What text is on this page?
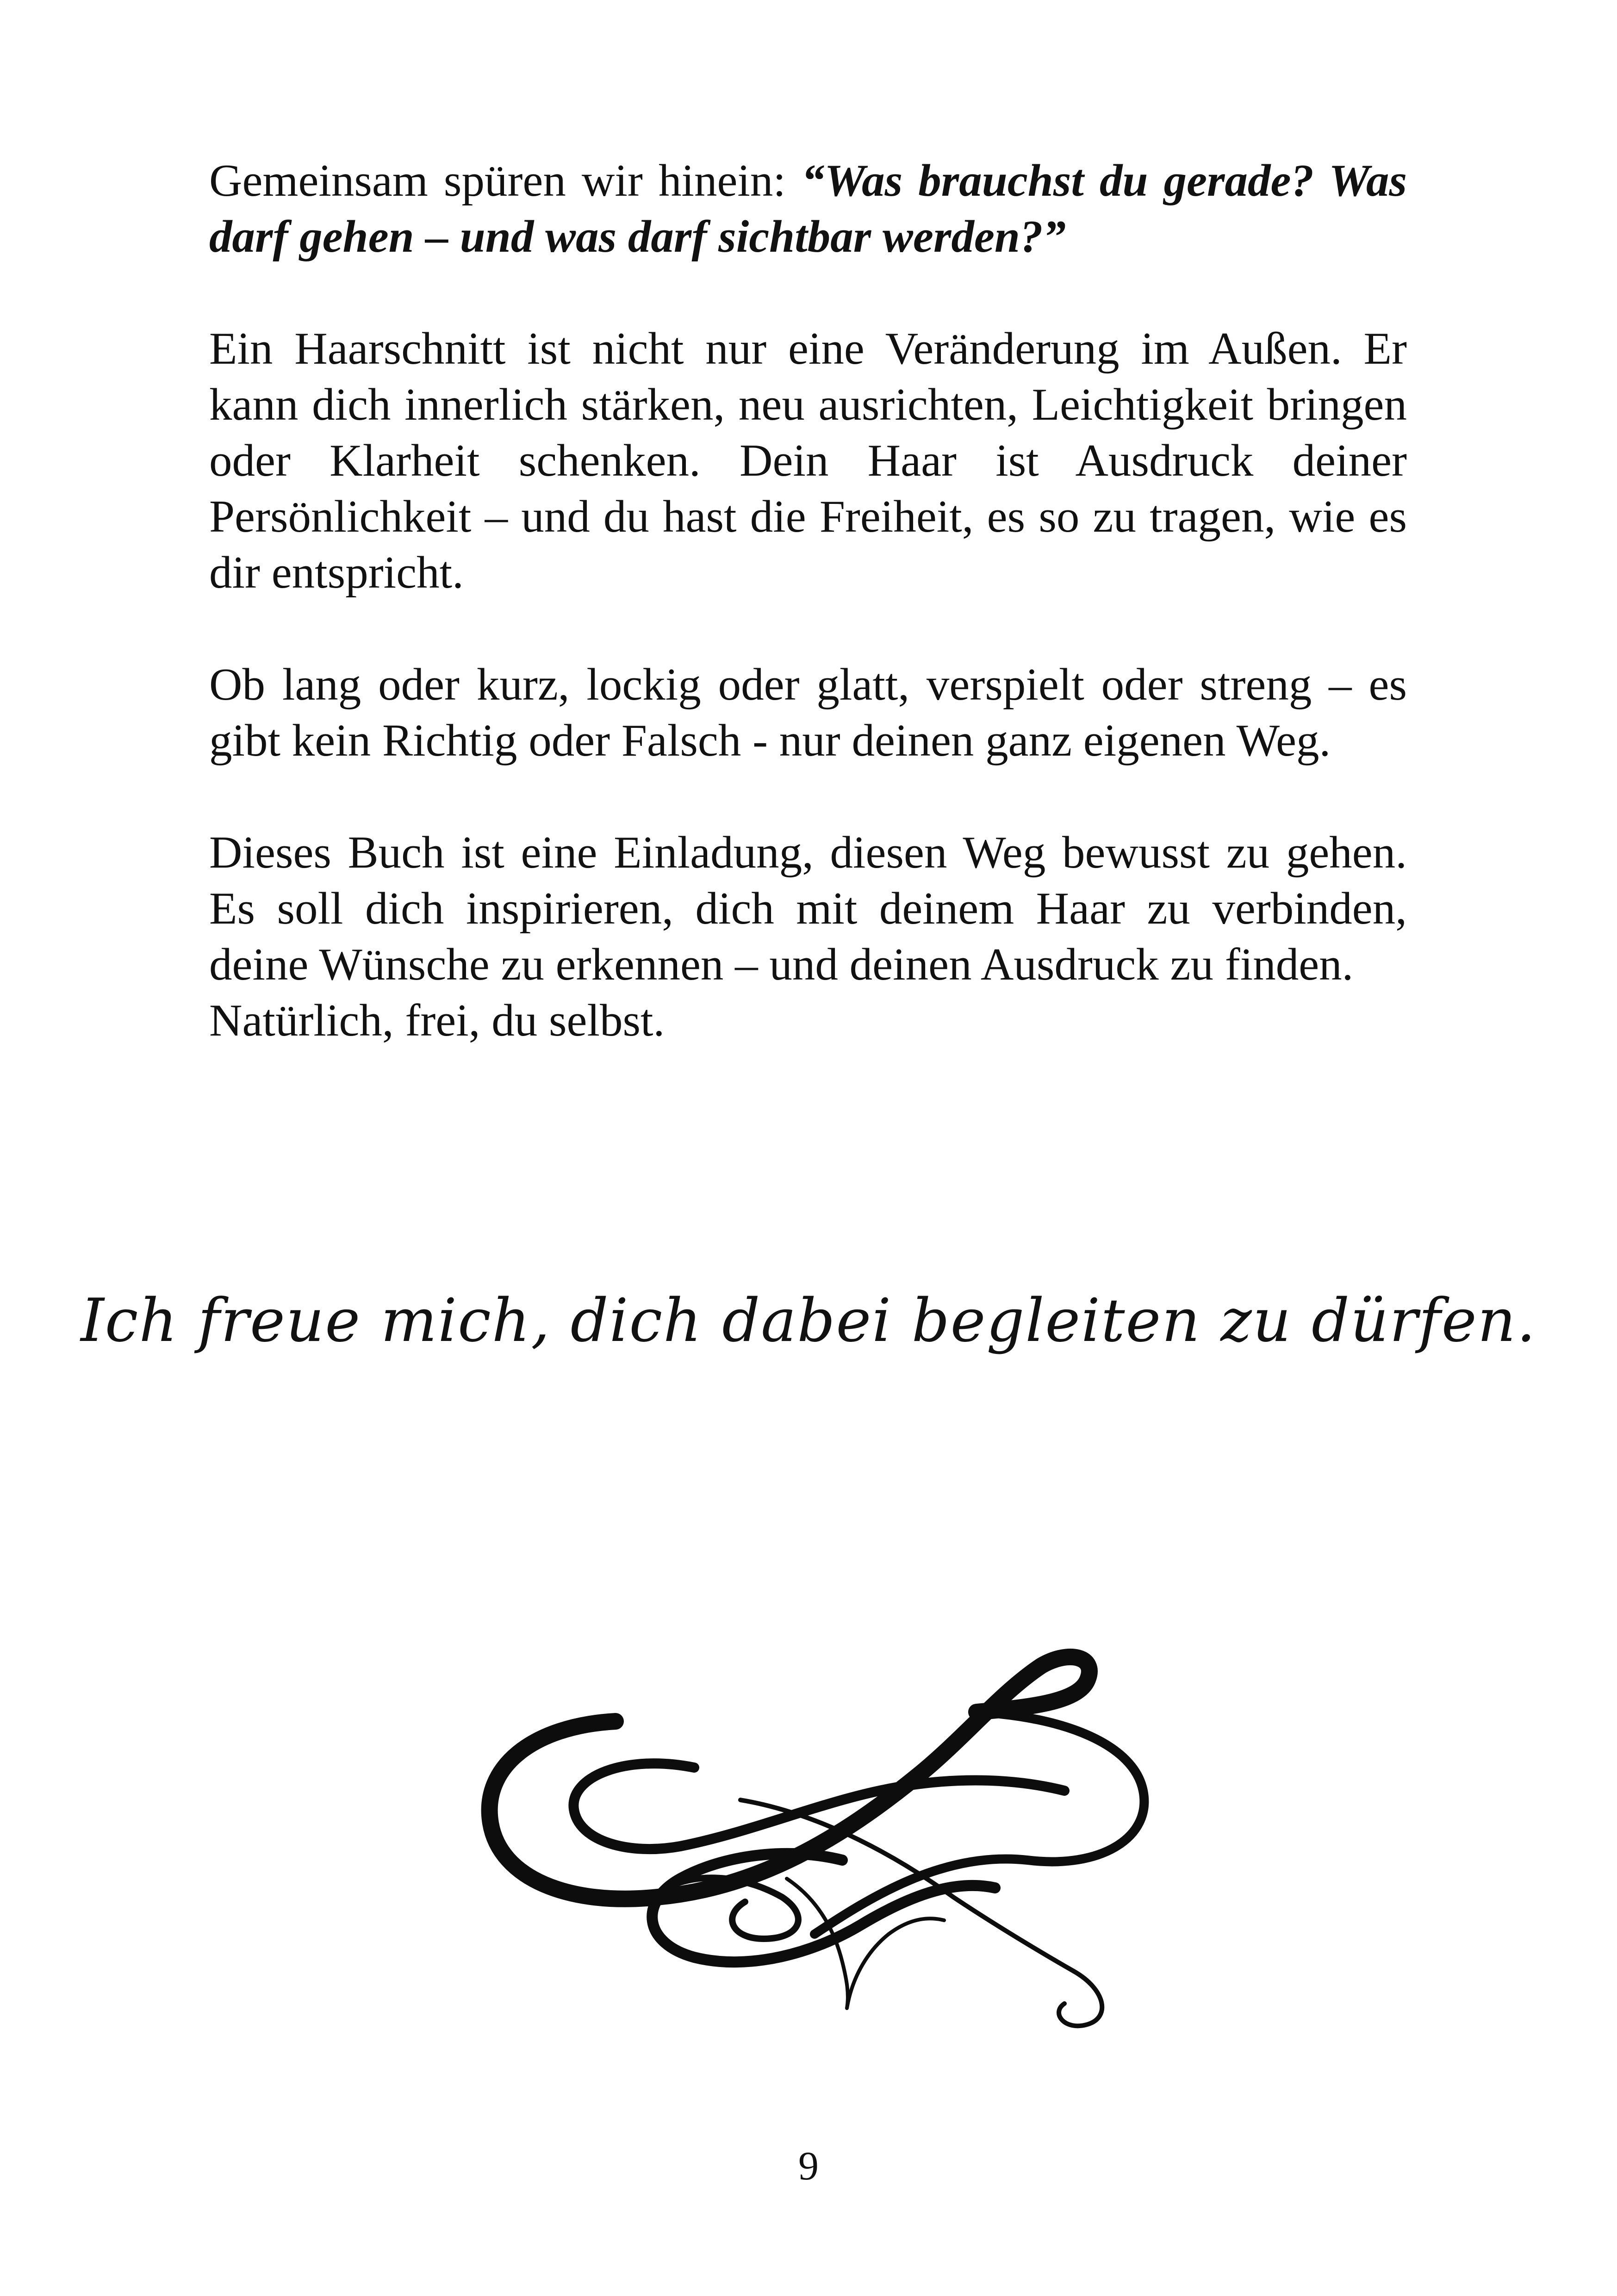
Gemeinsam spüren wir hinein: “Was brauchst du gerade? Was darf gehen – und was darf sichtbar werden?”

Ein Haarschnitt ist nicht nur eine Veränderung im Außen. Er kann dich innerlich stärken, neu ausrichten, Leichtigkeit bringen oder Klarheit schenken. Dein Haar ist Ausdruck deiner Persönlichkeit – und du hast die Freiheit, es so zu tragen, wie es dir entspricht.

Ob lang oder kurz, lockig oder glatt, verspielt oder streng – es gibt kein Richtig oder Falsch - nur deinen ganz eigenen Weg.

Dieses Buch ist eine Einladung, diesen Weg bewusst zu gehen. Es soll dich inspirieren, dich mit deinem Haar zu verbinden, deine Wünsche zu erkennen – und deinen Ausdruck zu finden.
Natürlich, frei, du selbst.

Ich freue mich, dich dabei begleiten zu dürfen.
9
